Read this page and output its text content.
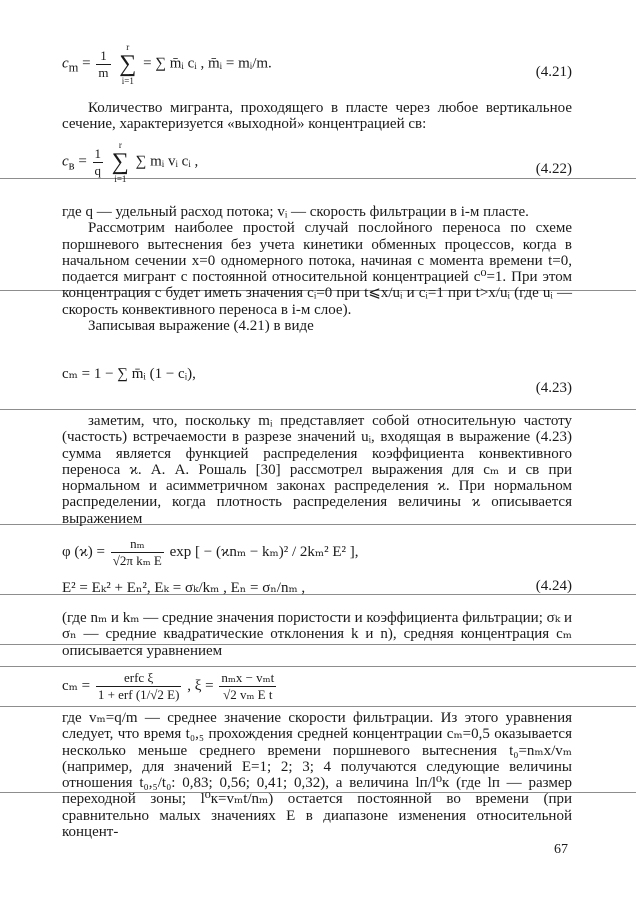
$c_m = \frac{1}{m}$

r
∑
i=1
= ∑ m̄ᵢ cᵢ , m̄ᵢ = mᵢ/m.
(4.21)

Количество мигранта, проходящего в пласте через любое вертикальное сечение, характеризуется «выходной» концентрацией cв:

$c_в = \frac{1}{q}$

r
∑
i=1
∑ mᵢ vᵢ cᵢ ,	(4.22)

где q — удельный расход потока; vᵢ — скорость фильтрации в i-м пласте.

Рассмотрим наиболее простой случай послойного переноса по схеме поршневого вытеснения без учета кинетики обменных процессов, когда в начальном сечении x=0 одномерного потока, начиная с момента времени t=0, подается мигрант с постоянной относительной концентрацией c⁰=1. При этом концентрация c будет иметь значения cᵢ=0 при t⩽x/uᵢ и cᵢ=1 при t>x/uᵢ (где uᵢ — скорость конвективного переноса в i-м слое).

Записывая выражение (4.21) в виде

cₘ = 1 − ∑ m̄ᵢ (1 − cᵢ),
(4.23)

заметим, что, поскольку mᵢ представляет собой относительную частоту (частость) встречаемости в разрезе значений uᵢ, входящая в выражение (4.23) сумма является функцией распределения коэффициента конвективного переноса ϰ. А. А. Рошаль [30] рассмотрел выражения для cₘ и cв при нормальном и асимметричном законах распределения ϰ. При нормальном распределении, когда плотность распределения величины ϰ описывается выражением

φ $(ϰ) = \frac{\text{nₘ}}{\text{√2π kₘ E}}$ exp [ − (ϰnₘ − kₘ)² / 2kₘ² E² ],
E² = Eₖ² + Eₙ², Eₖ = σₖ/kₘ , Eₙ = σₙ/nₘ ,	(4.24)

(где nₘ и kₘ — средние значения пористости и коэффициента фильтрации; σₖ и σₙ — средние квадратические отклонения k и n), средняя концентрация cₘ описывается уравнением

$c_m = \frac{\text{erfc ξ}}{\text{1 + erf (1/√2 E)}}$ , $\xi = \frac{\text{nₘx − vₘt}}{\text{√2 vₘ E t}}$

где vₘ=q/m — среднее значение скорости фильтрации. Из этого уравнения следует, что время t₀,₅ прохождения средней концентрации cₘ=0,5 оказывается несколько меньше среднего времени поршневого вытеснения t₀=nₘx/vₘ (например, для значений E=1; 2; 3; 4 получаются следующие величины отношения t₀,₅/t₀: 0,83; 0,56; 0,41; 0,32), а величина lп/l⁰к (где lп — размер переходной зоны; l⁰к=vₘt/nₘ) остается постоянной во времени (при сравнительно малых значениях E в диапазоне изменения относительной концент-

67
